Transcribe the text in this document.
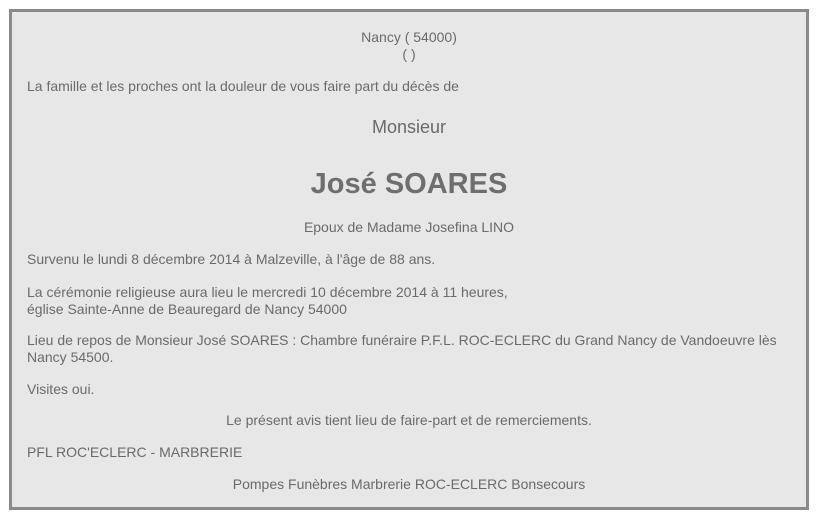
Nancy ( 54000)
( )
La famille et les proches ont la douleur de vous faire part du décès de
Monsieur
José SOARES
Epoux de Madame Josefina LINO
Survenu le lundi 8 décembre 2014 à Malzeville, à l'âge de 88 ans.
La cérémonie religieuse aura lieu le mercredi 10 décembre 2014 à 11 heures,
église Sainte-Anne de Beauregard de Nancy 54000
Lieu de repos de Monsieur José SOARES : Chambre funéraire P.F.L. ROC-ECLERC du Grand Nancy de Vandoeuvre lès Nancy 54500.
Visites oui.
Le présent avis tient lieu de faire-part et de remerciements.
PFL ROC'ECLERC - MARBRERIE
Pompes Funèbres Marbrerie ROC-ECLERC Bonsecours
